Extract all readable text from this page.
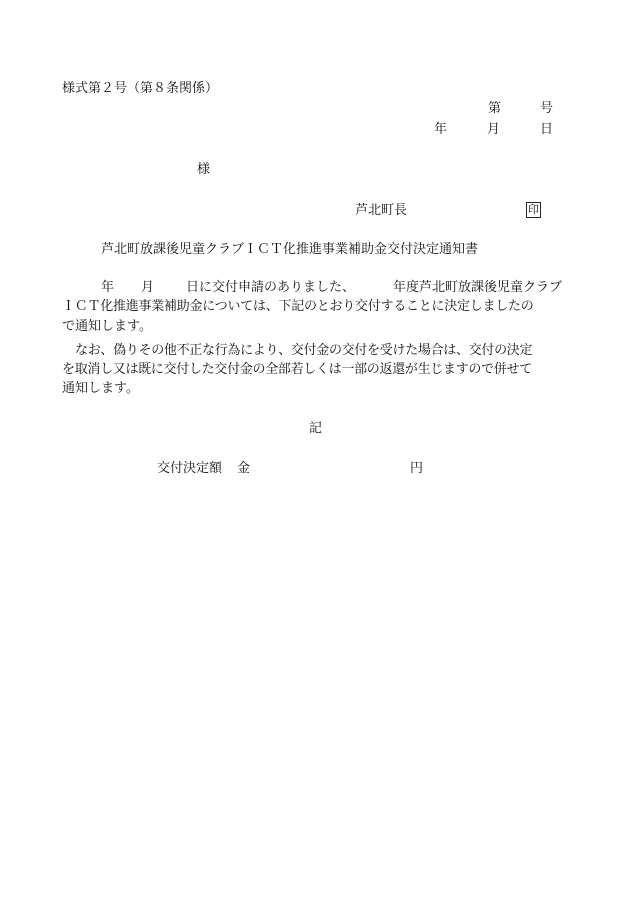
様式第２号（第８条関係）
第	号
年	月	日
様
芦北町長	印
芦北町放課後児童クラブＩＣＴ化推進事業補助金交付決定通知書
年 月 日に交付申請のありました、	年度芦北町放課後児童クラブ
ＩＣＴ化推進事業補助金については、下記のとおり交付することに決定しましたの
で通知します。
なお、偽りその他不正な行為により、交付金の交付を受けた場合は、交付の決定
を取消し又は既に交付した交付金の全部若しくは一部の返還が生じますので併せて
通知します。
記
交付決定額 金	円
